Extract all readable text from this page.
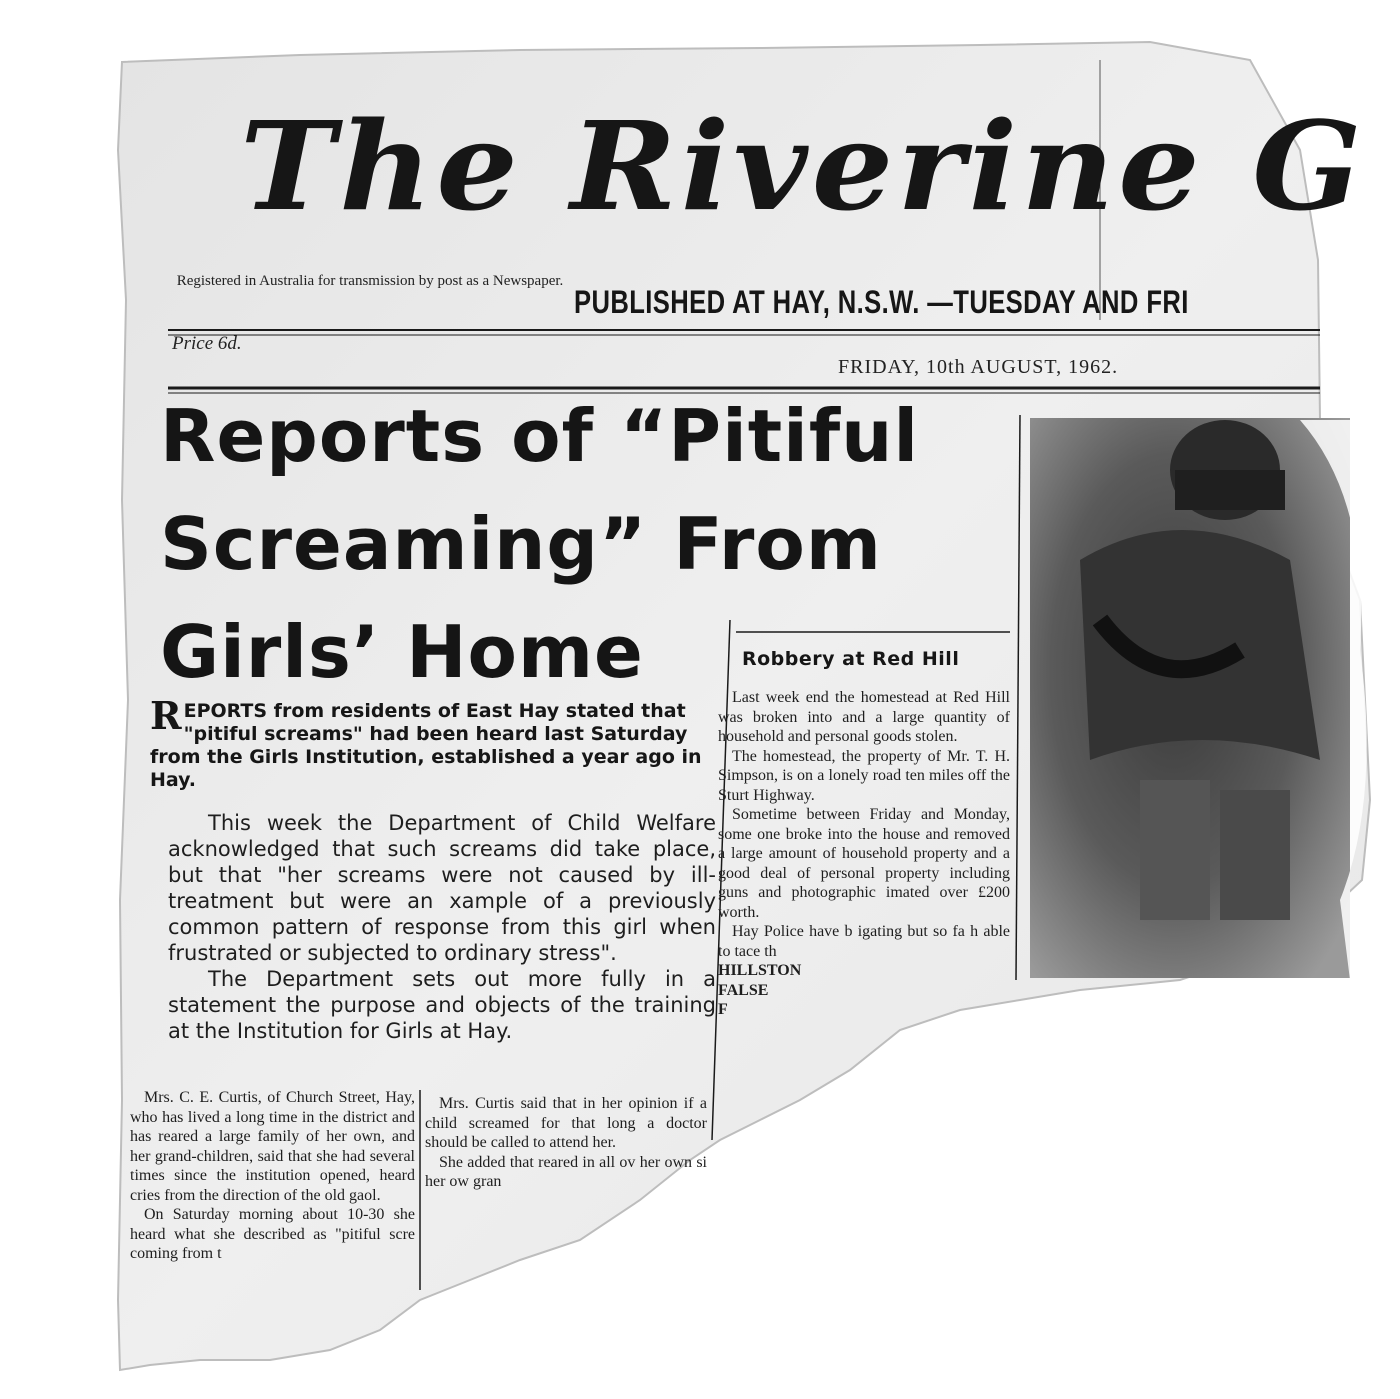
The Riverine G
Registered in Australia for transmission by post as a Newspaper.
PUBLISHED AT HAY, N.S.W. —TUESDAY AND FRI
Price 6d.
FRIDAY, 10th AUGUST, 1962.
Reports of “Pitiful
Screaming” From
Girls’ Home
REPORTS from residents of East Hay stated that "pitiful screams" had been heard last Saturday from the Girls Institution, established a year ago in Hay.

This week the Department of Child Welfare acknowledged that such screams did take place, but that "her screams were not caused by ill-treatment but were an xample of a previously common pattern of response from this girl when frustrated or subjected to ordinary stress".

The Department sets out more fully in a statement the purpose and objects of the training at the Institution for Girls at Hay.

Mrs. C. E. Curtis, of Church Street, Hay, who has lived a long time in the district and has reared a large family of her own, and her grand-children, said that she had several times since the institution opened, heard cries from the direction of the old gaol.

On Saturday morning about 10-30 she heard what she described as "pitiful scre coming from t

Mrs. Curtis said that in her opinion if a child screamed for that long a doctor should be called to attend her.

She added that reared in all ov her own si her ow gran

Robbery at Red Hill

Last week end the homestead at Red Hill was broken into and a large quantity of household and personal goods stolen.

The homestead, the property of Mr. T. H. Simpson, is on a lonely road ten miles off the Sturt Highway.

Sometime between Friday and Monday, some one broke into the house and removed a large amount of household property and a good deal of personal property including guns and photographic imated over £200 worth.

Hay Police have b igating but so fa h able to tace th

HILLSTON

FALSE

F
